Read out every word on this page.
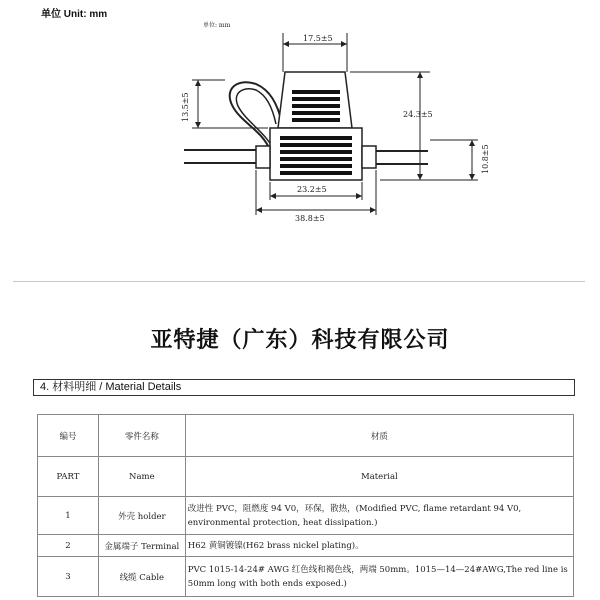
单位 Unit: mm
单位: mm
17.5±5
13.5±5	24.3±5
10.8±5
23.2±5
38.8±5
亚特捷（广东）科技有限公司
4. 材料明细 / Material Details
编号	零件名称	材质
PART	Name	Material
1	外壳 holder	改进性 PVC，阻燃度 94 V0，环保，散热，(Modified PVC, flame retardant 94 V0, environmental protection, heat dissipation.)
2	金属端子 Terminal	H62 黄铜镀镍(H62 brass nickel plating)。
3	线缆 Cable	PVC 1015-14-24# AWG 红色线和褐色线，两端 50mm。1015—14—24#AWG,The red line is 50mm long with both ends exposed.)
